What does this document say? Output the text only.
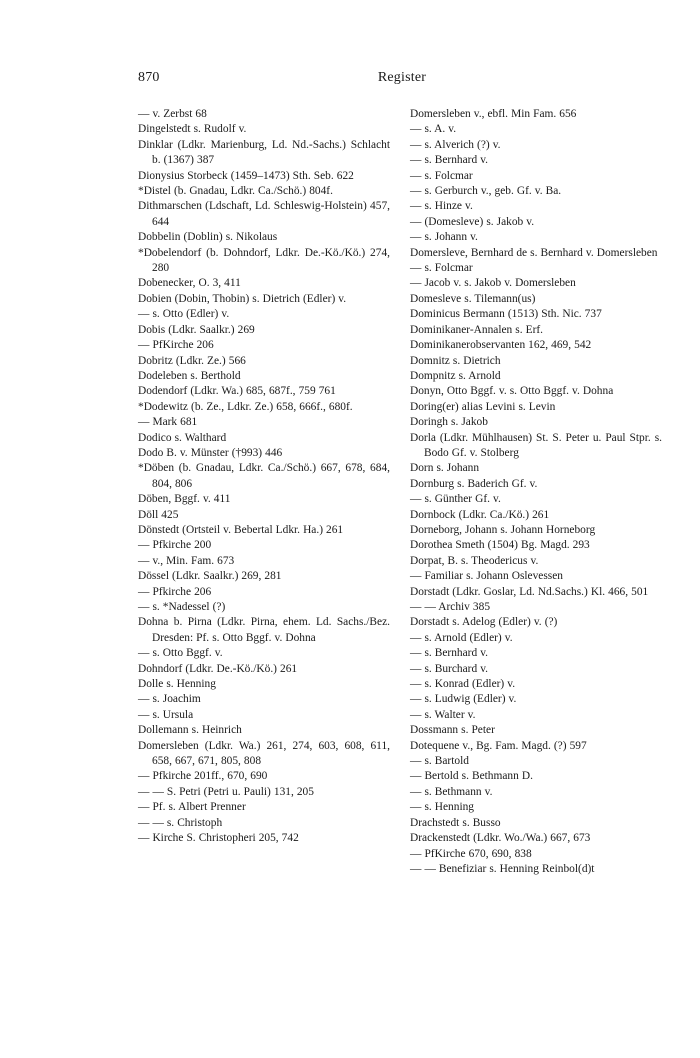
870	Register
— v. Zerbst 68
Dingelstedt s. Rudolf v.
Dinklar (Ldkr. Marienburg, Ld. Nd.-Sachs.) Schlacht b. (1367) 387
Dionysius Storbeck (1459–1473) Sth. Seb. 622
*Distel (b. Gnadau, Ldkr. Ca./Schö.) 804f.
Dithmarschen (Ldschaft, Ld. Schleswig-Holstein) 457, 644
Dobbelin (Doblin) s. Nikolaus
*Dobelendorf (b. Dohndorf, Ldkr. De.-Kö./Kö.) 274, 280
Dobenecker, O. 3, 411
Dobien (Dobin, Thobin) s. Dietrich (Edler) v.
— s. Otto (Edler) v.
Dobis (Ldkr. Saalkr.) 269
— PfKirche 206
Dobritz (Ldkr. Ze.) 566
Dodeleben s. Berthold
Dodendorf (Ldkr. Wa.) 685, 687f., 759 761
*Dodewitz (b. Ze., Ldkr. Ze.) 658, 666f., 680f.
— Mark 681
Dodico s. Walthard
Dodo B. v. Münster (†993) 446
*Döben (b. Gnadau, Ldkr. Ca./Schö.) 667, 678, 684, 804, 806
Döben, Bggf. v. 411
Döll 425
Dönstedt (Ortsteil v. Bebertal Ldkr. Ha.) 261
— Pfkirche 200
— v., Min. Fam. 673
Dössel (Ldkr. Saalkr.) 269, 281
— Pfkirche 206
— s. *Nadessel (?)
Dohna b. Pirna (Ldkr. Pirna, ehem. Ld. Sachs./Bez. Dresden: Pf. s. Otto Bggf. v. Dohna
— s. Otto Bggf. v.
Dohndorf (Ldkr. De.-Kö./Kö.) 261
Dolle s. Henning
— s. Joachim
— s. Ursula
Dollemann s. Heinrich
Domersleben (Ldkr. Wa.) 261, 274, 603, 608, 611, 658, 667, 671, 805, 808
— Pfkirche 201ff., 670, 690
— — S. Petri (Petri u. Pauli) 131, 205
— Pf. s. Albert Prenner
— — s. Christoph
— Kirche S. Christopheri 205, 742
Domersleben v., ebfl. Min Fam. 656
— s. A. v.
— s. Alverich (?) v.
— s. Bernhard v.
— s. Folcmar
— s. Gerburch v., geb. Gf. v. Ba.
— s. Hinze v.
— (Domesleve) s. Jakob v.
— s. Johann v.
Domersleve, Bernhard de s. Bernhard v. Domersleben
— s. Folcmar
— Jacob v. s. Jakob v. Domersleben
Domesleve s. Tilemann(us)
Dominicus Bermann (1513) Sth. Nic. 737
Dominikaner-Annalen s. Erf.
Dominikanerobservanten 162, 469, 542
Domnitz s. Dietrich
Dompnitz s. Arnold
Donyn, Otto Bggf. v. s. Otto Bggf. v. Dohna
Doring(er) alias Levini s. Levin
Doringh s. Jakob
Dorla (Ldkr. Mühlhausen) St. S. Peter u. Paul Stpr. s. Bodo Gf. v. Stolberg
Dorn s. Johann
Dornburg s. Baderich Gf. v.
— s. Günther Gf. v.
Dornbock (Ldkr. Ca./Kö.) 261
Dorneborg, Johann s. Johann Horneborg
Dorothea Smeth (1504) Bg. Magd. 293
Dorpat, B. s. Theodericus v.
— Familiar s. Johann Oslevessen
Dorstadt (Ldkr. Goslar, Ld. Nd.Sachs.) Kl. 466, 501
— — Archiv 385
Dorstadt s. Adelog (Edler) v. (?)
— s. Arnold (Edler) v.
— s. Bernhard v.
— s. Burchard v.
— s. Konrad (Edler) v.
— s. Ludwig (Edler) v.
— s. Walter v.
Dossmann s. Peter
Dotequene v., Bg. Fam. Magd. (?) 597
— s. Bartold
— Bertold s. Bethmann D.
— s. Bethmann v.
— s. Henning
Drachstedt s. Busso
Drackenstedt (Ldkr. Wo./Wa.) 667, 673
— PfKirche 670, 690, 838
— — Benefiziar s. Henning Reinbol(d)t
